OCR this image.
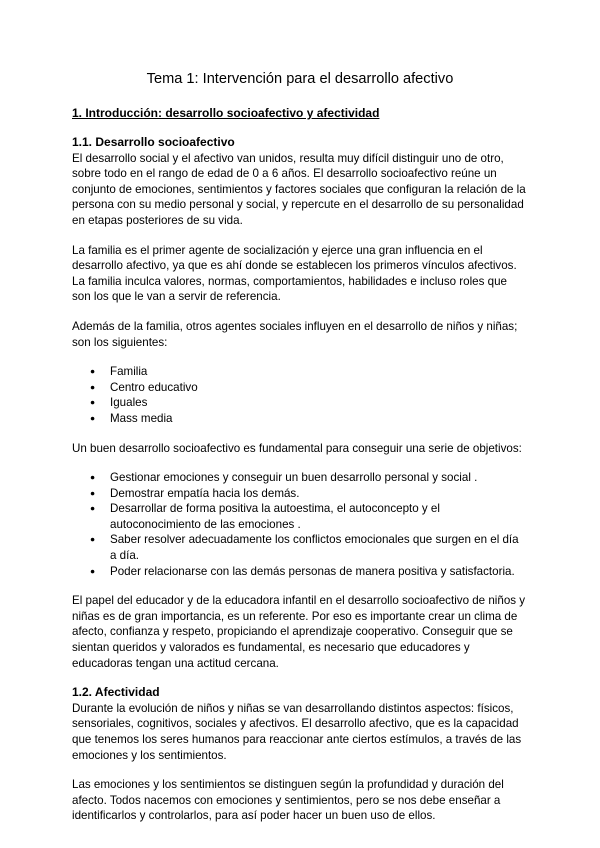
Tema 1: Intervención para el desarrollo afectivo
1. Introducción: desarrollo socioafectivo y afectividad
1.1. Desarrollo socioafectivo

El desarrollo social y el afectivo van unidos, resulta muy difícil distinguir uno de otro, sobre todo en el rango de edad de 0 a 6 años. El desarrollo socioafectivo reúne un conjunto de emociones, sentimientos y factores sociales que configuran la relación de la persona con su medio personal y social, y repercute en el desarrollo de su personalidad en etapas posteriores de su vida.

La familia es el primer agente de socialización y ejerce una gran influencia en el desarrollo afectivo, ya que es ahí donde se establecen los primeros vínculos afectivos. La familia inculca valores, normas, comportamientos, habilidades e incluso roles que son los que le van a servir de referencia.

Además de la familia, otros agentes sociales influyen en el desarrollo de niños y niñas; son los siguientes:

● Familia
● Centro educativo
● Iguales
● Mass media

Un buen desarrollo socioafectivo es fundamental para conseguir una serie de objetivos:

● Gestionar emociones y conseguir un buen desarrollo personal y social .
● Demostrar empatía hacia los demás.
● Desarrollar de forma positiva la autoestima, el autoconcepto y el autoconocimiento de las emociones .
● Saber resolver adecuadamente los conflictos emocionales que surgen en el día a día.
● Poder relacionarse con las demás personas de manera positiva y satisfactoria.

El papel del educador y de la educadora infantil en el desarrollo socioafectivo de niños y niñas es de gran importancia, es un referente. Por eso es importante crear un clima de afecto, confianza y respeto, propiciando el aprendizaje cooperativo. Conseguir que se sientan queridos y valorados es fundamental, es necesario que educadores y educadoras tengan una actitud cercana.

1.2. Afectividad

Durante la evolución de niños y niñas se van desarrollando distintos aspectos: físicos, sensoriales, cognitivos, sociales y afectivos. El desarrollo afectivo, que es la capacidad que tenemos los seres humanos para reaccionar ante ciertos estímulos, a través de las emociones y los sentimientos.

Las emociones y los sentimientos se distinguen según la profundidad y duración del afecto. Todos nacemos con emociones y sentimientos, pero se nos debe enseñar a identificarlos y controlarlos, para así poder hacer un buen uso de ellos.
